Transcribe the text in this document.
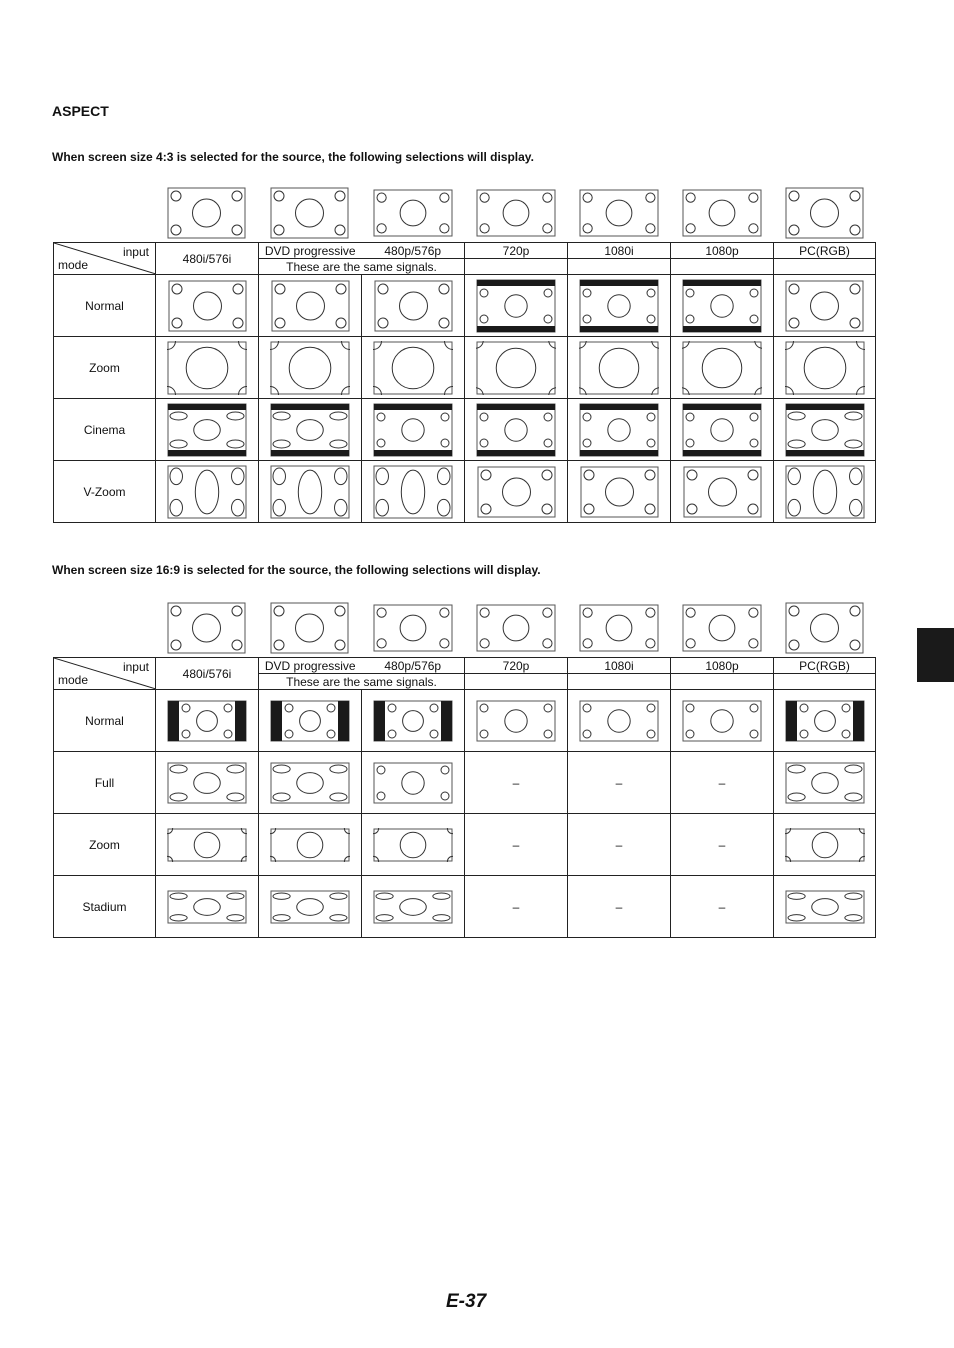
ASPECT
When screen size 4:3 is selected for the source, the following selections will display.
input
mode	480i/576i	DVD progressive	480p/576p	720p	1080i	1080p	PC(RGB)
		These are the same signals.					
Normal	

Zoom	

Cinema	

V-Zoom	

When screen size 16:9 is selected for the source, the following selections will display.
input
mode	480i/576i	DVD progressive	480p/576p	720p	1080i	1080p	PC(RGB)
		These are the same signals.					
Normal	

Full				–	–	–	

Zoom				–	–	–	

Stadium				–	–	–	
E-37
